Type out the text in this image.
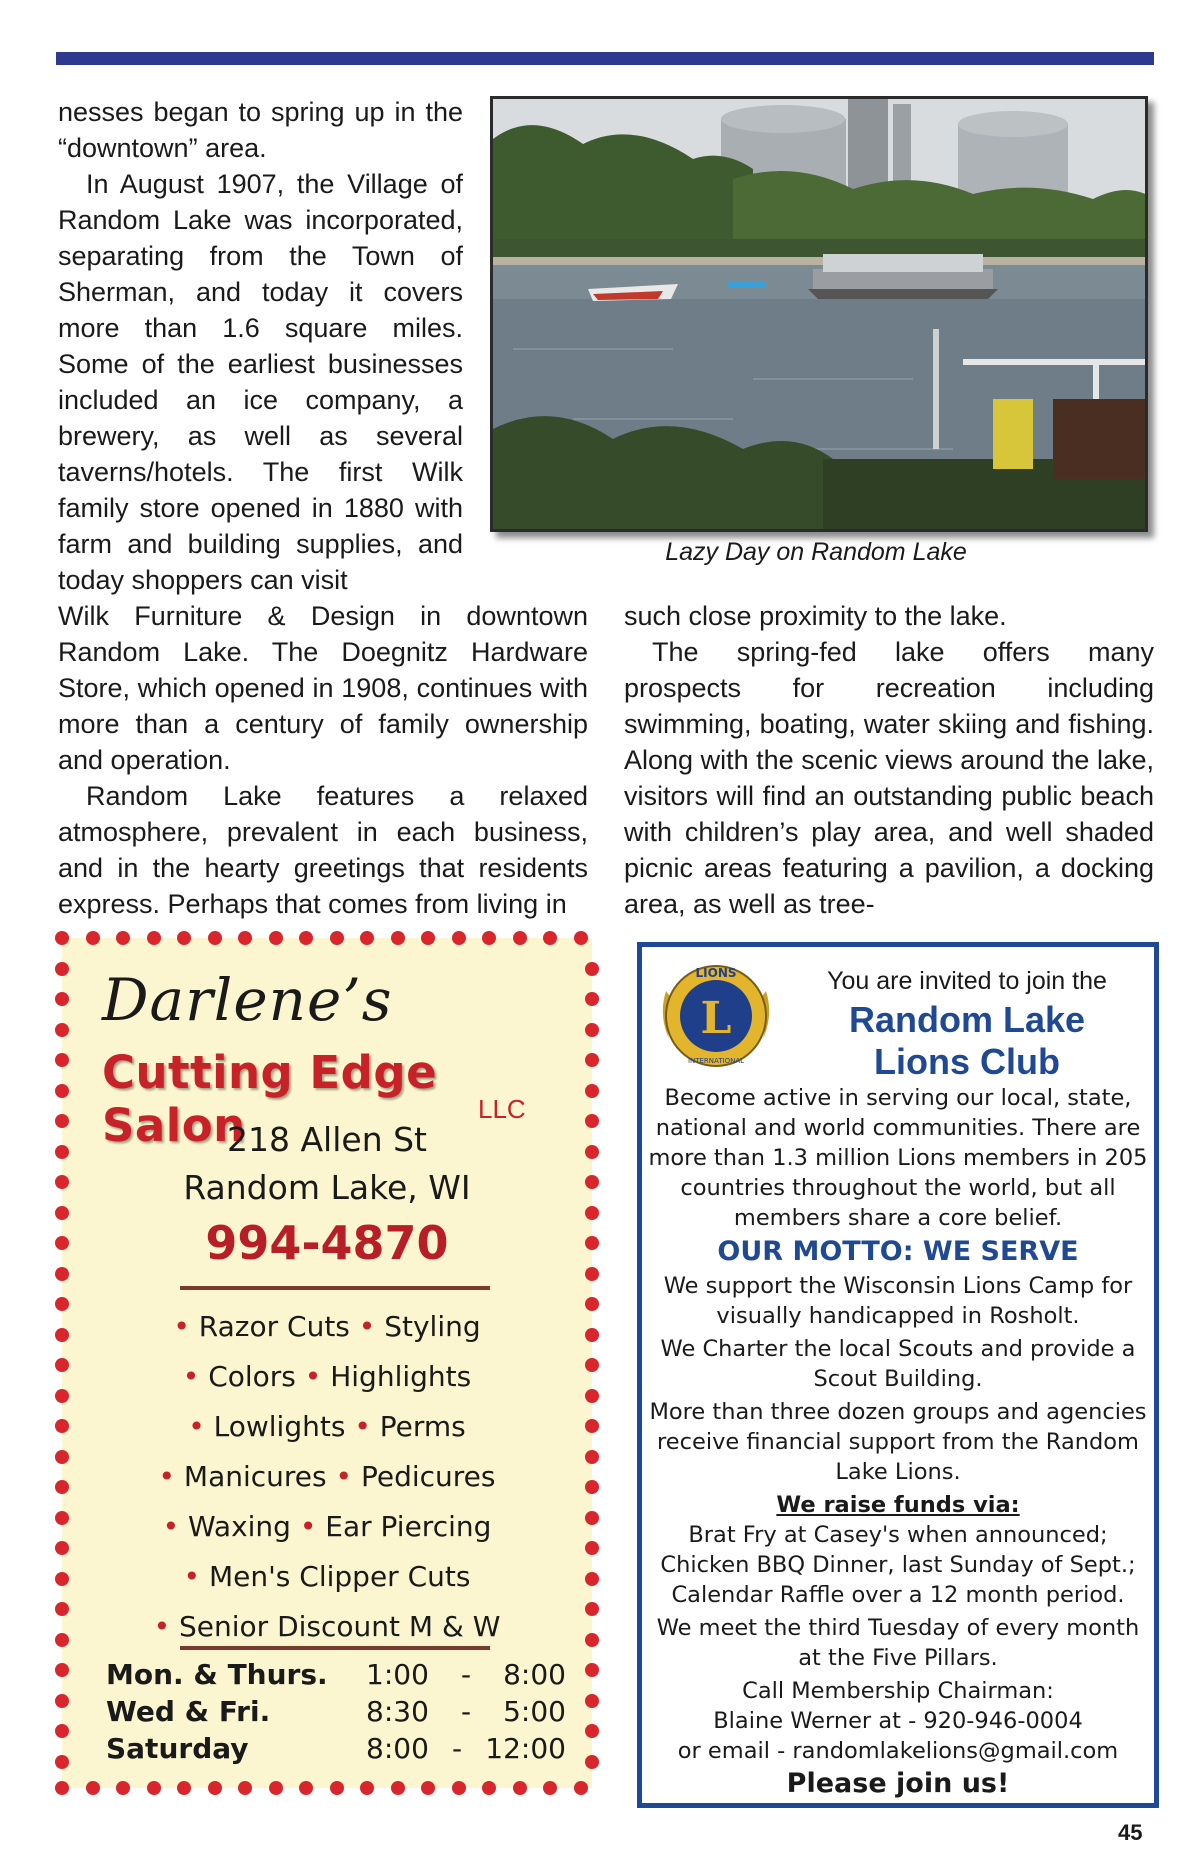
nesses began to spring up in the “downtown” area.

In August 1907, the Village of Random Lake was incorporated, separating from the Town of Sherman, and today it covers more than 1.6 square miles. Some of the earliest businesses included an ice company, a brewery, as well as several taverns/hotels. The first Wilk family store opened in 1880 with farm and building supplies, and today shoppers can visit

Lazy Day on Random Lake

Wilk Furniture & Design in downtown Random Lake. The Doegnitz Hardware Store, which opened in 1908, continues with more than a century of family ownership and operation.

Random Lake features a relaxed atmosphere, prevalent in each business, and in the hearty greetings that residents express. Perhaps that comes from living in

such close proximity to the lake.

The spring-fed lake offers many prospects for recreation including swimming, boating, water skiing and fishing. Along with the scenic views around the lake, visitors will find an outstanding public beach with children’s play area, and well shaded picnic areas featuring a pavilion, a docking area, as well as tree-

Darlene’s
Cutting Edge Salon	LLC
218 Allen St
Random Lake, WI
994-4870
• Razor Cuts • Styling
• Colors • Highlights
• Lowlights • Perms
• Manicures • Pedicures
• Waxing • Ear Piercing
• Men's Clipper Cuts
• Senior Discount M & W
Mon. & Thurs.	1:00 - 8:00
Wed & Fri.	8:30 - 5:00
Saturday	8:00 - 12:00
L
LIONS
INTERNATIONAL
You are invited to join the
Random Lake
Lions Club

Become active in serving our local, state, national and world communities. There are more than 1.3 million Lions members in 205 countries throughout the world, but all members share a core belief.

OUR MOTTO: WE SERVE

We support the Wisconsin Lions Camp for visually handicapped in Rosholt.

We Charter the local Scouts and provide a Scout Building.

More than three dozen groups and agencies receive financial support from the Random Lake Lions.

We raise funds via:

Brat Fry at Casey's when announced; Chicken BBQ Dinner, last Sunday of Sept.; Calendar Raffle over a 12 month period.

We meet the third Tuesday of every month at the Five Pillars.

Call Membership Chairman:

Blaine Werner at - 920-946-0004

or email - randomlakelions@gmail.com

Please join us!

45
